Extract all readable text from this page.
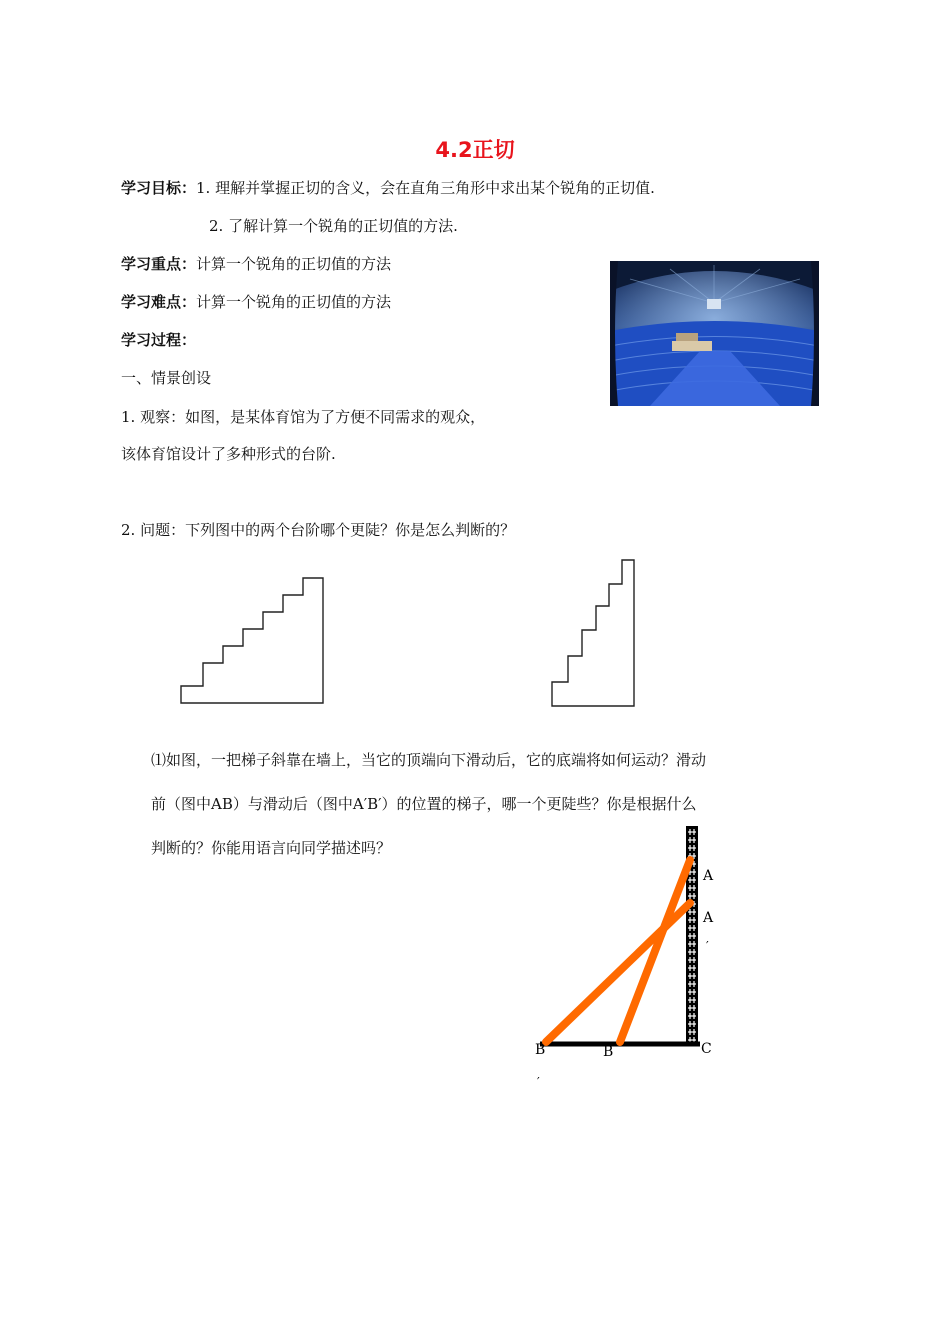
4.2正切
学习目标：1. 理解并掌握正切的含义，会在直角三角形中求出某个锐角的正切值.
2. 了解计算一个锐角的正切值的方法.
学习重点：计算一个锐角的正切值的方法
学习难点：计算一个锐角的正切值的方法
学习过程：
一、情景创设
1. 观察：如图，是某体育馆为了方便不同需求的观众，
该体育馆设计了多种形式的台阶.
2. 问题：下列图中的两个台阶哪个更陡？你是怎么判断的？
⑴如图，一把梯子斜靠在墙上，当它的顶端向下滑动后，它的底端将如何运动？滑动
前（图中AB）与滑动后（图中A′B′）的位置的梯子，哪一个更陡些？你是根据什么
判断的？你能用语言向同学描述吗？
A
A
′
B
′
B	C
